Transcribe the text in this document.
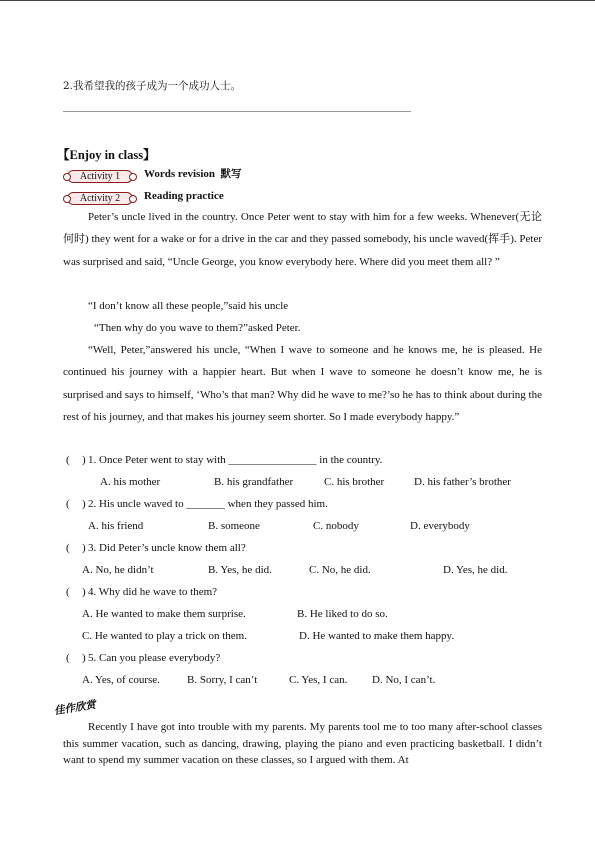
2.我希望我的孩子成为一个成功人士。
【Enjoy in class】
Activity 1	Words revision 默写
Activity 2	Reading practice
Peter’s uncle lived in the country. Once Peter went to stay with him for a few weeks. Whenever(无论何时) they went for a wake or for a drive in the car and they passed somebody, his uncle waved(挥手). Peter was surprised and said, “Uncle George, you know everybody here. Where did you meet them all? ”
“I don’t know all these people,”said his uncle
“Then why do you wave to them?”asked Peter.
“Well, Peter,”answered his uncle, “When I wave to someone and he knows me, he is pleased. He continued his journey with a happier heart. But when I wave to someone he doesn’t know me, he is surprised and says to himself, ‘Who’s that man? Why did he wave to me?’so he has to think about during the rest of his journey, and that makes his journey seem shorter. So I made everybody happy.”
( ) 1. Once Peter went to stay with ________________ in the country.
A. his mother	B. his grandfather	C. his brother	D. his father’s brother
( ) 2. His uncle waved to _______ when they passed him.
A. his friend	B. someone	C. nobody	D. everybody
( ) 3. Did Peter’s uncle know them all?
A. No, he didn’t	B. Yes, he did.	C. No, he did.	D. Yes, he did.
( ) 4. Why did he wave to them?
A. He wanted to make them surprise.	B. He liked to do so.
C. He wanted to play a trick on them.	D. He wanted to make them happy.
( ) 5. Can you please everybody?
A. Yes, of course. B. Sorry, I can’t	C. Yes, I can. D. No, I can’t.
佳作欣赏
Recently I have got into trouble with my parents. My parents tool me to too many after-school classes this summer vacation, such as dancing, drawing, playing the piano and even practicing basketball. I didn’t want to spend my summer vacation on these classes, so I argued with them. At
